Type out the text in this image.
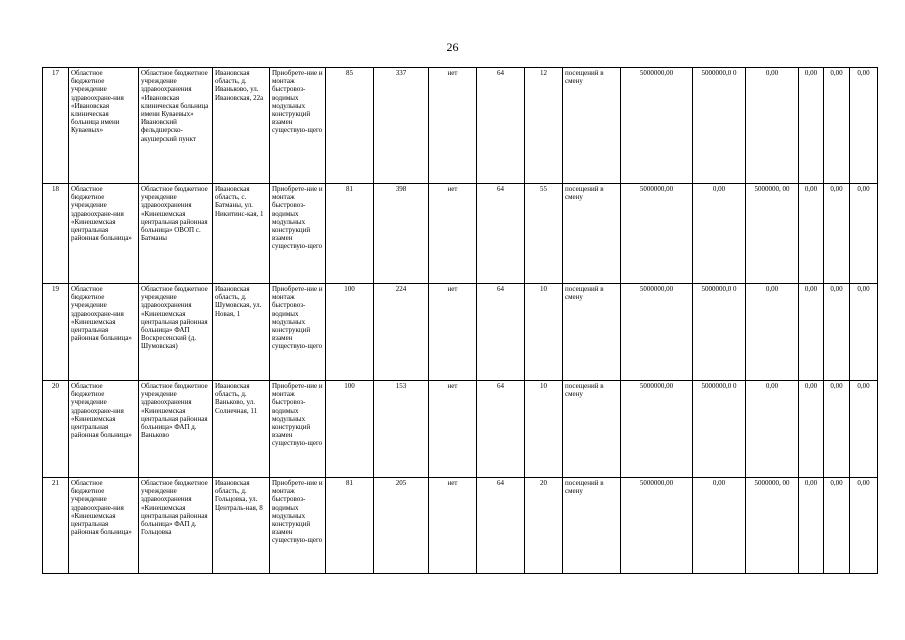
26
17	Областное бюджетное учреждение здравоохране-ния «Ивановская клиническая больница имени Куваевых»	Областное бюджетное учреждение здравоохранения «Ивановская клиническая больница имени Куваевых» Ивановский фельдшерско-акушерский пункт	Ивановская область, д. Иваньково, ул. Ивановская, 22а	Приобрете-ние и монтаж быстровоз-водимых модульных конструкций взамен существую-щего	85	337	нет	64	12	посещений в смену	5000000,00	5000000,0 0	0,00	0,00	0,00	0,00
18	Областное бюджетное учреждение здравоохране-ния «Кинешемская центральная районная больница»	Областное бюджетное учреждение здравоохранения «Кинешемская центральная районная больница» ОВОП с. Батманы	Ивановская область, с. Батманы, ул. Никитинс-кая, 1	Приобрете-ние и монтаж быстровоз-водимых модульных конструкций взамен существую-щего	81	398	нет	64	55	посещений в смену	5000000,00	0,00	5000000, 00	0,00	0,00	0,00
19	Областное бюджетное учреждение здравоохране-ния «Кинешемская центральная районная больница»	Областное бюджетное учреждение здравоохранения «Кинешемская центральная районная больница» ФАП Воскресенский (д. Шумовская)	Ивановская область, д. Шумовская, ул. Новая, 1	Приобрете-ние и монтаж быстровоз-водимых модульных конструкций взамен существую-щего	100	224	нет	64	10	посещений в смену	5000000,00	5000000,0 0	0,00	0,00	0,00	0,00
20	Областное бюджетное учреждение здравоохране-ния «Кинешемская центральная районная больница»	Областное бюджетное учреждение здравоохранения «Кинешемская центральная районная больница» ФАП д. Ваньково	Ивановская область, д. Ваньково, ул. Солнечная, 11	Приобрете-ние и монтаж быстровоз-водимых модульных конструкций взамен существую-щего	100	153	нет	64	10	посещений в смену	5000000,00	5000000,0 0	0,00	0,00	0,00	0,00
21	Областное бюджетное учреждение здравоохране-ния «Кинешемская центральная районная больница»	Областное бюджетное учреждение здравоохранения «Кинешемская центральная районная больница» ФАП д. Гольцовка	Ивановская область, д. Гольцовка, ул. Централь-ная, 8	Приобрете-ние и монтаж быстровоз-водимых модульных конструкций взамен существую-щего	81	205	нет	64	20	посещений в смену	5000000,00	0,00	5000000, 00	0,00	0,00	0,00
